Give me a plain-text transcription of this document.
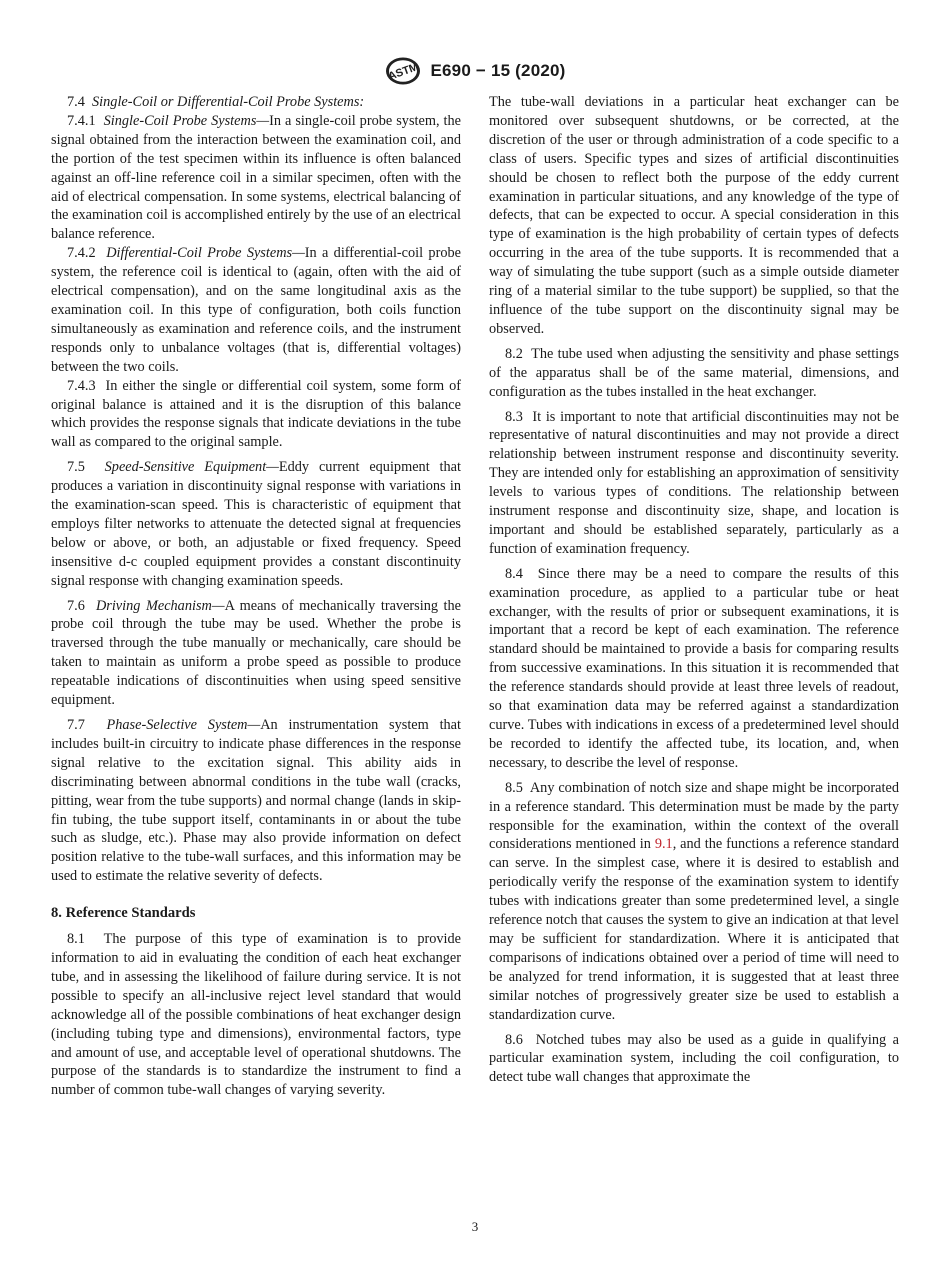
ASTM E690 − 15 (2020)

7.4 Single-Coil or Differential-Coil Probe Systems:

7.4.1 Single-Coil Probe Systems—In a single-coil probe system, the signal obtained from the interaction between the examination coil, and the portion of the test specimen within its influence is often balanced against an off-line reference coil in a similar specimen, often with the aid of electrical compensation. In some systems, electrical balancing of the examination coil is accomplished entirely by the use of an electrical balance reference.

7.4.2 Differential-Coil Probe Systems—In a differential-coil probe system, the reference coil is identical to (again, often with the aid of electrical compensation), and on the same longitudinal axis as the examination coil. In this type of configuration, both coils function simultaneously as examination and reference coils, and the instrument responds only to unbalance voltages (that is, differential voltages) between the two coils.

7.4.3 In either the single or differential coil system, some form of original balance is attained and it is the disruption of this balance which provides the response signals that indicate deviations in the tube wall as compared to the original sample.

7.5 Speed-Sensitive Equipment—Eddy current equipment that produces a variation in discontinuity signal response with variations in the examination-scan speed. This is characteristic of equipment that employs filter networks to attenuate the detected signal at frequencies below or above, or both, an adjustable or fixed frequency. Speed insensitive d-c coupled equipment provides a constant discontinuity signal response with changing examination speeds.

7.6 Driving Mechanism—A means of mechanically traversing the probe coil through the tube may be used. Whether the probe is traversed through the tube manually or mechanically, care should be taken to maintain as uniform a probe speed as possible to produce repeatable indications of discontinuities when using speed sensitive equipment.

7.7 Phase-Selective System—An instrumentation system that includes built-in circuitry to indicate phase differences in the response signal relative to the excitation signal. This ability aids in discriminating between abnormal conditions in the tube wall (cracks, pitting, wear from the tube supports) and normal change (lands in skip-fin tubing, the tube support itself, contaminants in or about the tube such as sludge, etc.). Phase may also provide information on defect position relative to the tube-wall surfaces, and this information may be used to estimate the relative severity of defects.

8. Reference Standards

8.1 The purpose of this type of examination is to provide information to aid in evaluating the condition of each heat exchanger tube, and in assessing the likelihood of failure during service. It is not possible to specify an all-inclusive reject level standard that would acknowledge all of the possible combinations of heat exchanger design (including tubing type and dimensions), environmental factors, type and amount of use, and acceptable level of operational shutdowns. The purpose of the standards is to standardize the instrument to find a number of common tube-wall changes of varying severity.

The tube-wall deviations in a particular heat exchanger can be monitored over subsequent shutdowns, or be corrected, at the discretion of the user or through administration of a code specific to a class of users. Specific types and sizes of artificial discontinuities should be chosen to reflect both the purpose of the eddy current examination in particular situations, and any knowledge of the type of defects, that can be expected to occur. A special consideration in this type of examination is the high probability of certain types of defects occurring in the area of the tube supports. It is recommended that a way of simulating the tube support (such as a simple outside diameter ring of a material similar to the tube support) be supplied, so that the influence of the tube support on the discontinuity signal may be observed.

8.2 The tube used when adjusting the sensitivity and phase settings of the apparatus shall be of the same material, dimensions, and configuration as the tubes installed in the heat exchanger.

8.3 It is important to note that artificial discontinuities may not be representative of natural discontinuities and may not provide a direct relationship between instrument response and discontinuity severity. They are intended only for establishing an approximation of sensitivity levels to various types of conditions. The relationship between instrument response and discontinuity size, shape, and location is important and should be established separately, particularly as a function of examination frequency.

8.4 Since there may be a need to compare the results of this examination procedure, as applied to a particular tube or heat exchanger, with the results of prior or subsequent examinations, it is important that a record be kept of each examination. The reference standard should be maintained to provide a basis for comparing results from successive examinations. In this situation it is recommended that the reference standards should provide at least three levels of readout, so that examination data may be referred against a standardization curve. Tubes with indications in excess of a predetermined level should be recorded to identify the affected tube, its location, and, when necessary, to describe the level of response.

8.5 Any combination of notch size and shape might be incorporated in a reference standard. This determination must be made by the party responsible for the examination, within the context of the overall considerations mentioned in 9.1, and the functions a reference standard can serve. In the simplest case, where it is desired to establish and periodically verify the response of the examination system to identify tubes with indications greater than some predetermined level, a single reference notch that causes the system to give an indication at that level may be sufficient for standardization. Where it is anticipated that comparisons of indications obtained over a period of time will need to be analyzed for trend information, it is suggested that at least three similar notches of progressively greater size be used to establish a standardization curve.

8.6 Notched tubes may also be used as a guide in qualifying a particular examination system, including the coil configuration, to detect tube wall changes that approximate the

3
